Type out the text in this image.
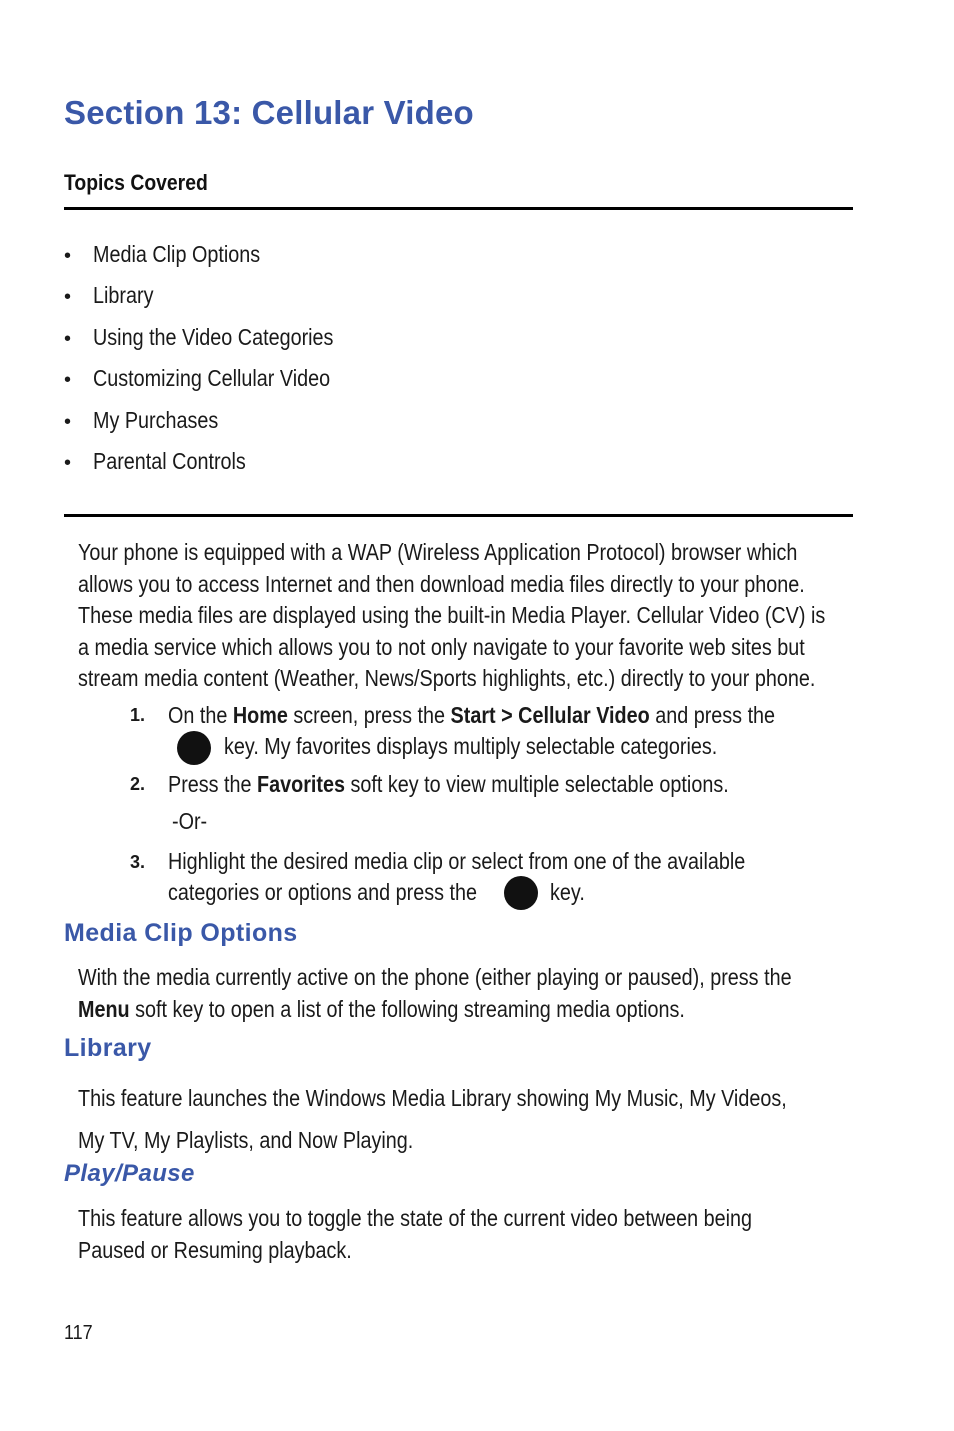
Section 13: Cellular Video
Topics Covered
• Media Clip Options
• Library
• Using the Video Categories
• Customizing Cellular Video
• My Purchases
• Parental Controls
Your phone is equipped with a WAP (Wireless Application Protocol) browser which
allows you to access Internet and then download media files directly to your phone.
These media files are displayed using the built-in Media Player. Cellular Video (CV) is
a media service which allows you to not only navigate to your favorite web sites but
stream media content (Weather, News/Sports highlights, etc.) directly to your phone.
1. On the Home screen, press the Start > Cellular Video and press the
key. My favorites displays multiply selectable categories.
2. Press the Favorites soft key to view multiple selectable options.
-Or-
3. Highlight the desired media clip or select from one of the available
categories or options and press the	key.
Media Clip Options
With the media currently active on the phone (either playing or paused), press the
Menu soft key to open a list of the following streaming media options.
Library
This feature launches the Windows Media Library showing My Music, My Videos,
My TV, My Playlists, and Now Playing.
Play/Pause
This feature allows you to toggle the state of the current video between being
Paused or Resuming playback.
117
